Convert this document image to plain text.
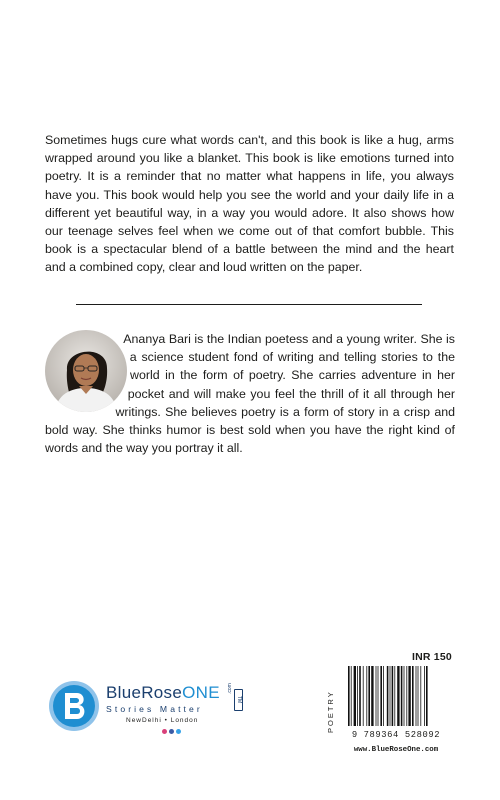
Sometimes hugs cure what words can't, and this book is like a hug, arms wrapped around you like a blanket. This book is like emotions turned into poetry. It is a reminder that no matter what happens in life, you always have you. This book would help you see the world and your daily life in a different yet beautiful way, in a way you would adore. It also shows how our teenage selves feel when we come out of that comfort bubble. This book is a spectacular blend of a battle between the mind and the heart and a combined copy, clear and loud written on the paper.

Ananya Bari is the Indian poetess and a young writer. She is a science student fond of writing and telling stories to the world in the form of poetry. She carries adventure in her pocket and will make you feel the thrill of it all through her writings. She believes poetry is a form of story in a crisp and bold way. She thinks humor is best sold when you have the right kind of words and the way you portray it all.

INR 150
POETRY
9 789364 528092
www.BlueRoseOne.com
BlueRoseONE .com
TM
Stories Matter
NewDelhi • London
